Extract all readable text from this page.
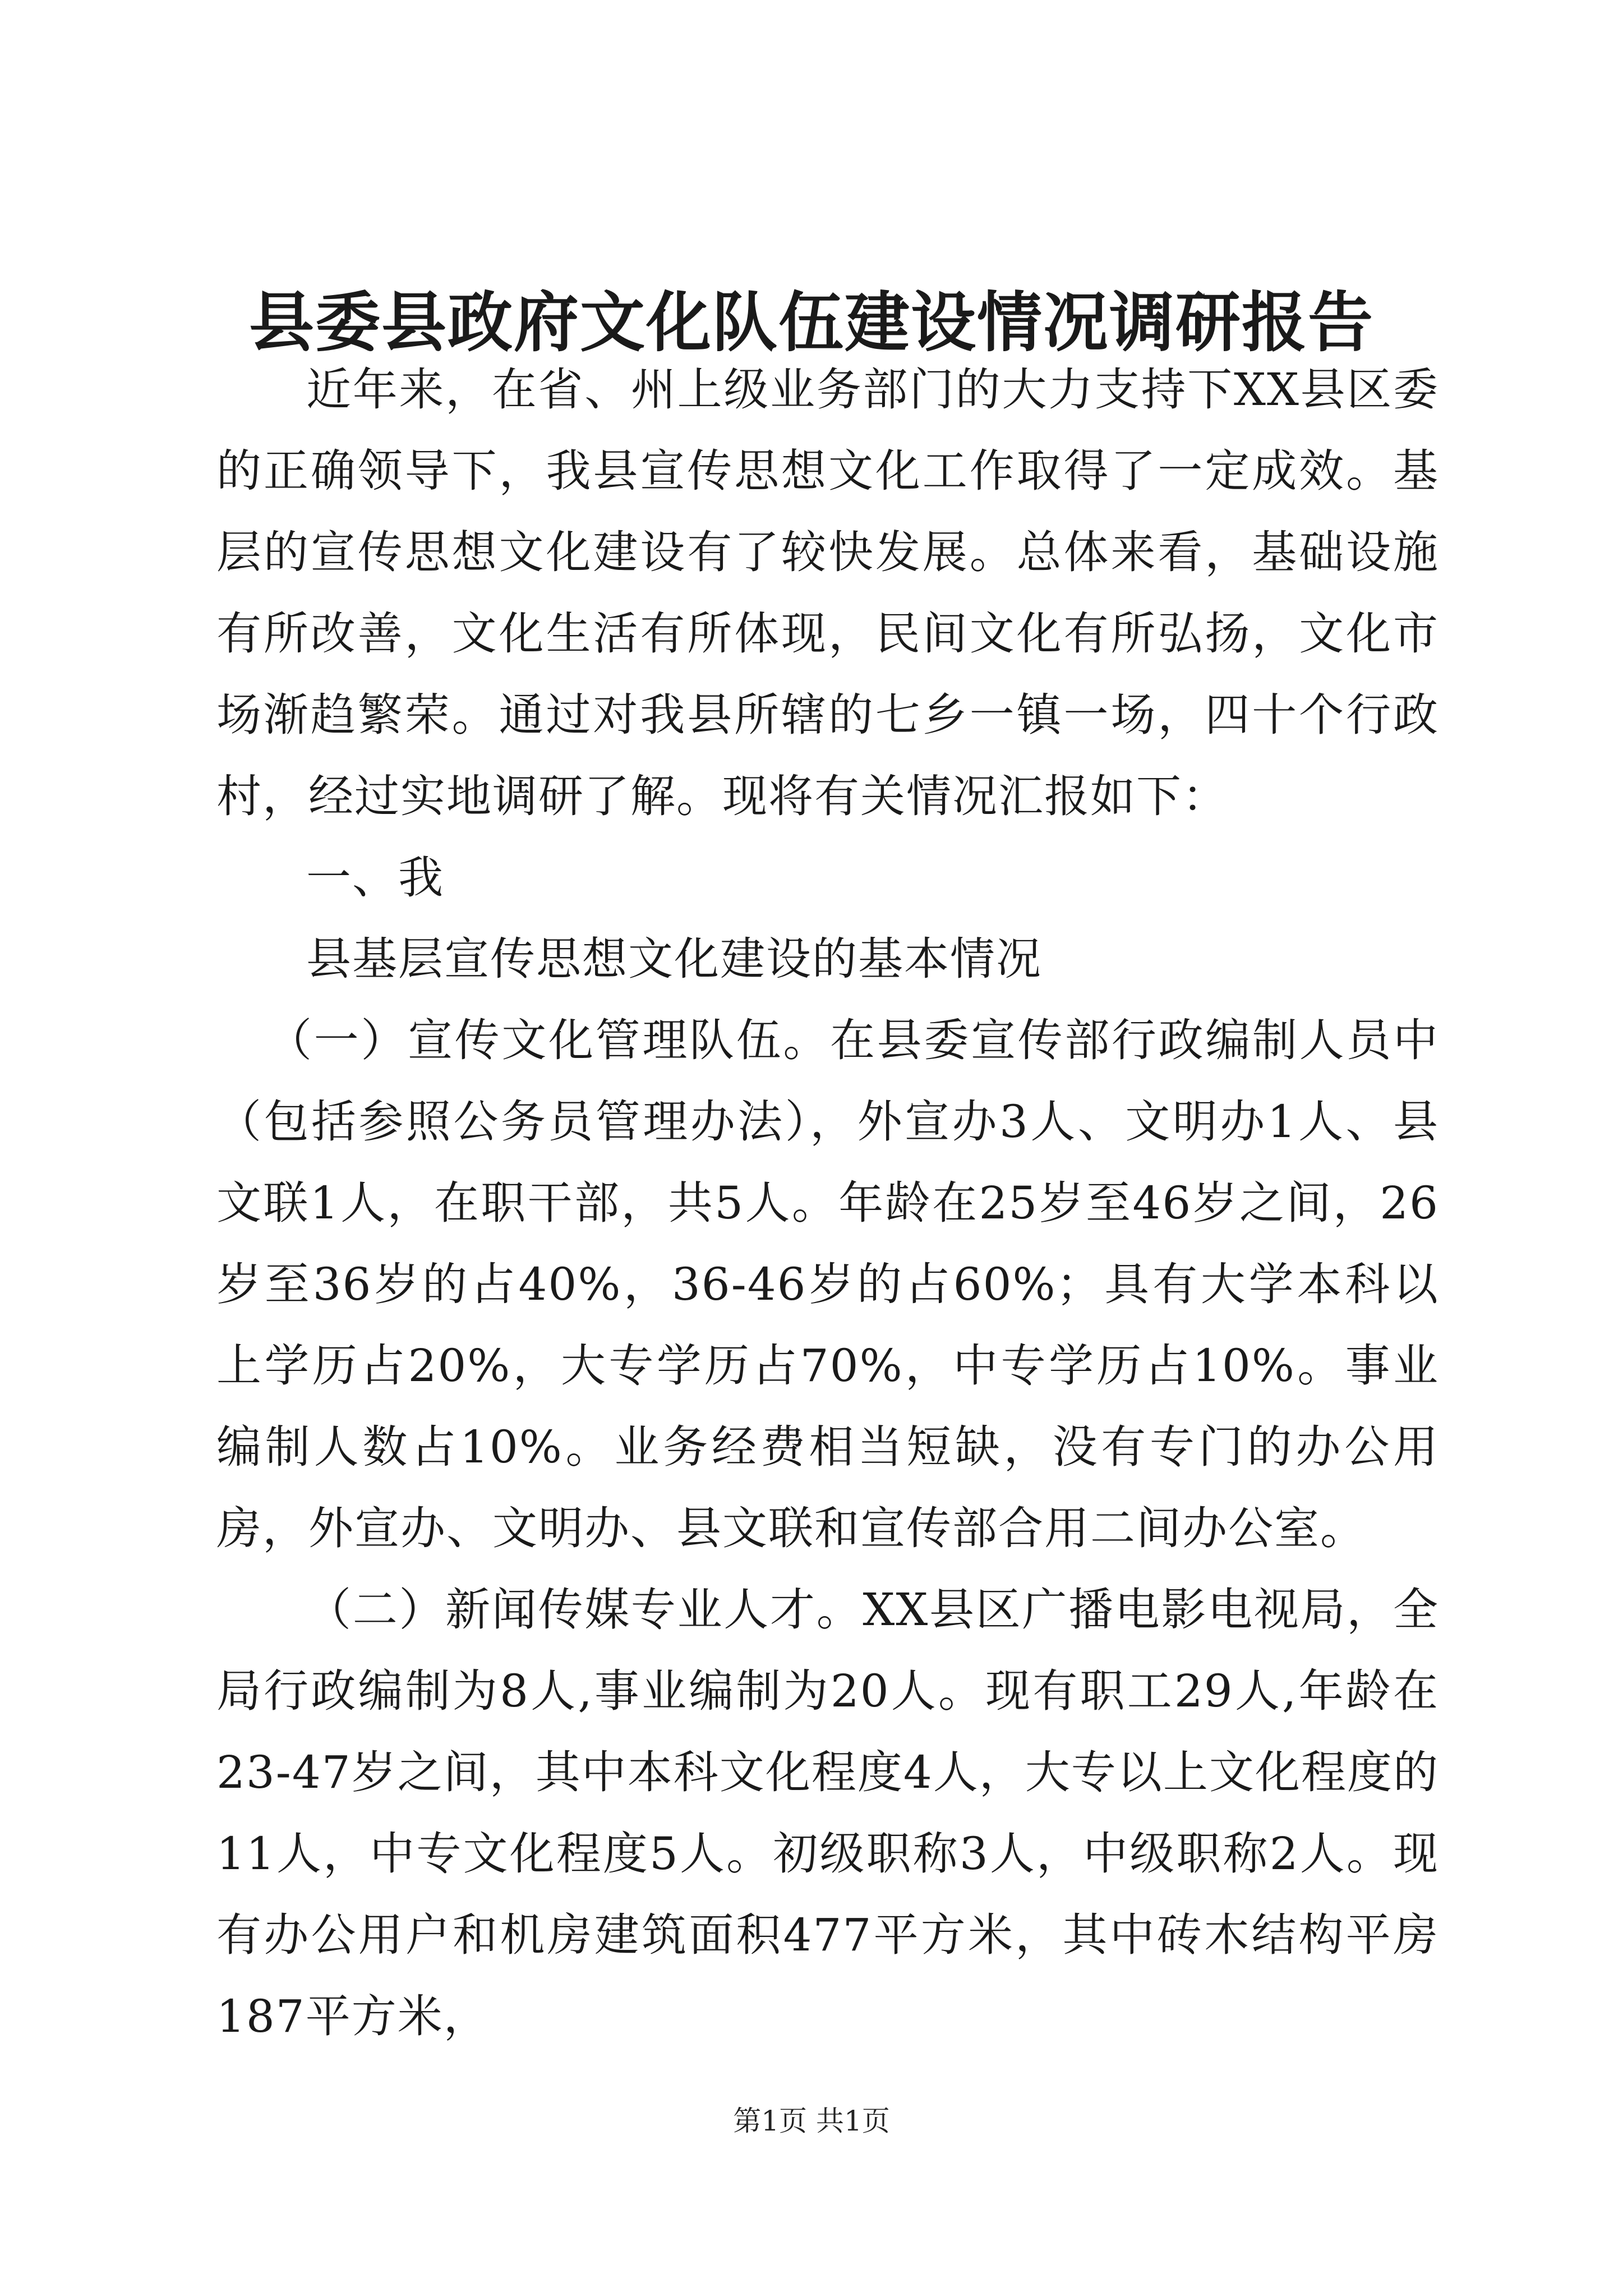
县委县政府文化队伍建设情况调研报告

近年来，在省、州上级业务部门的大力支持下XX县区委的正确领导下，我县宣传思想文化工作取得了一定成效。基层的宣传思想文化建设有了较快发展。总体来看，基础设施有所改善，文化生活有所体现，民间文化有所弘扬，文化市场渐趋繁荣。通过对我县所辖的七乡一镇一场，四十个行政村，经过实地调研了解。现将有关情况汇报如下：

一、我

县基层宣传思想文化建设的基本情况

（一）宣传文化管理队伍。在县委宣传部行政编制人员中（包括参照公务员管理办法），外宣办3人、文明办1人、县文联1人，在职干部，共5人。年龄在25岁至46岁之间，26岁至36岁的占40%，36-46岁的占60%；具有大学本科以上学历占20%，大专学历占70%，中专学历占10%。事业编制人数占10%。业务经费相当短缺，没有专门的办公用房，外宣办、文明办、县文联和宣传部合用二间办公室。

（二）新闻传媒专业人才。XX县区广播电影电视局，全局行政编制为8人,事业编制为20人。现有职工29人,年龄在23-47岁之间，其中本科文化程度4人，大专以上文化程度的11人，中专文化程度5人。初级职称3人，中级职称2人。现有办公用户和机房建筑面积477平方米，其中砖木结构平房187平方米，

第1页 共1页
